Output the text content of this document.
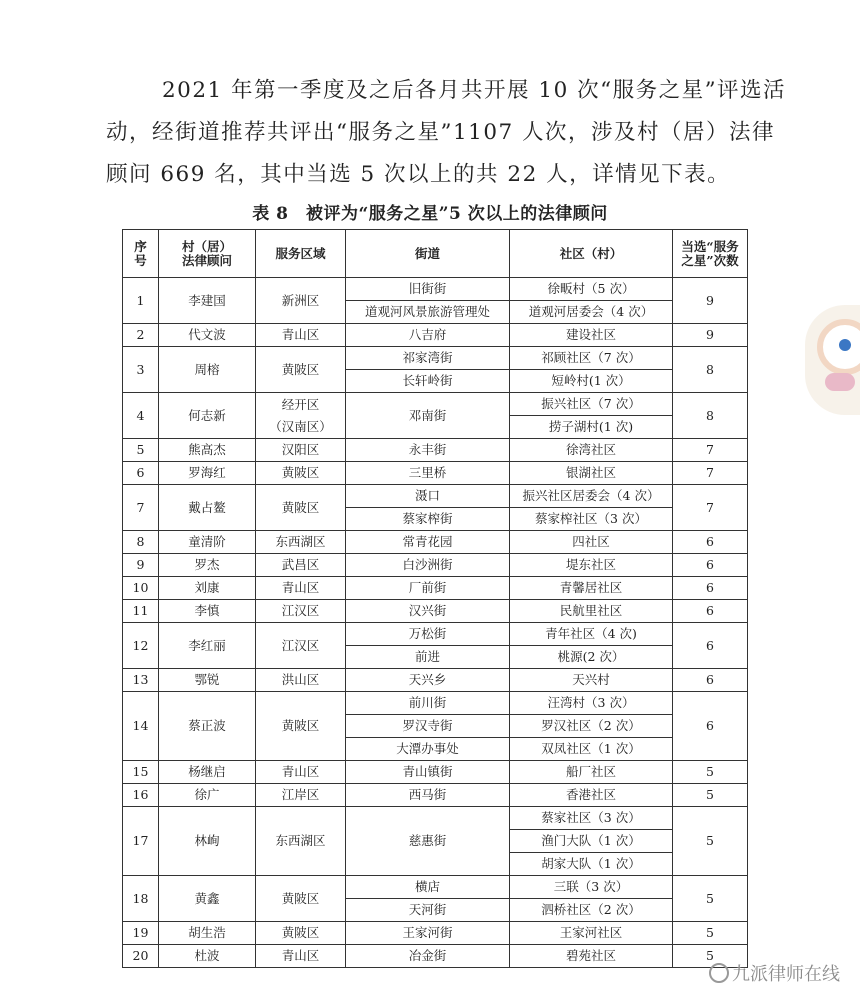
2021 年第一季度及之后各月共开展 10 次“服务之星”评选活
动，经街道推荐共评出“服务之星”1107 人次，涉及村（居）法律
顾问 669 名，其中当选 5 次以上的共 22 人，详情见下表。
表 8　被评为“服务之星”5 次以上的法律顾问
序
号	村（居）
法律顾问	服务区域	街道	社区（村）	当选“服务
之星”次数
1	李建国	新洲区	旧街街	徐畈村（5 次）	9
			道观河风景旅游管理处	道观河居委会（4 次）	
2	代文波	青山区	八吉府	建设社区	9
3	周榕	黄陂区	祁家湾街	祁顾社区（7 次）	8
			长轩岭街	短岭村(1 次）	
4	何志新	经开区
（汉南区）	邓南街	振兴社区（7 次）	8
				捞子湖村(1 次)	
5	熊高杰	汉阳区	永丰街	徐湾社区	7
6	罗海红	黄陂区	三里桥	银湖社区	7
7	戴占鳌	黄陂区	滠口	振兴社区居委会（4 次）	7
			蔡家榨街	蔡家榨社区（3 次）	
8	童清阶	东西湖区	常青花园	四社区	6
9	罗杰	武昌区	白沙洲街	堤东社区	6
10	刘康	青山区	厂前街	青馨居社区	6
11	李慎	江汉区	汉兴街	民航里社区	6
12	李红丽	江汉区	万松街	青年社区（4 次)	6
			前进	桃源(2 次）	
13	鄂锐	洪山区	天兴乡	天兴村	6
14	蔡正波	黄陂区	前川街	汪湾村（3 次）	6
			罗汉寺街	罗汉社区（2 次）	
			大潭办事处	双凤社区（1 次）	
15	杨继启	青山区	青山镇街	船厂社区	5
16	徐广	江岸区	西马街	香港社区	5
17	林峋	东西湖区	慈惠街	蔡家社区（3 次）	5
				渔门大队（1 次）	
				胡家大队（1 次）	
18	黄鑫	黄陂区	横店	三联（3 次）	5
			天河街	泗桥社区（2 次）	
19	胡生浩	黄陂区	王家河街	王家河社区	5
20	杜波	青山区	冶金街	碧苑社区	5
九派律师在线
